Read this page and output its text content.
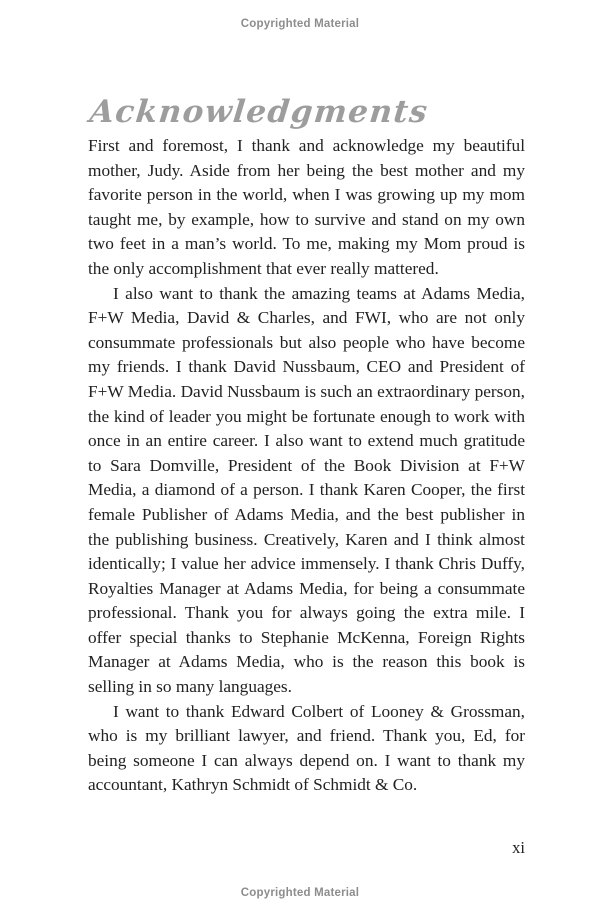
Copyrighted Material
Acknowledgments

First and foremost, I thank and acknowledge my beautiful mother, Judy. Aside from her being the best mother and my favorite person in the world, when I was growing up my mom taught me, by example, how to survive and stand on my own two feet in a man’s world. To me, making my Mom proud is the only accomplishment that ever really mattered.

I also want to thank the amazing teams at Adams Media, F+W Media, David & Charles, and FWI, who are not only consummate professionals but also people who have become my friends. I thank David Nussbaum, CEO and President of F+W Media. David Nussbaum is such an extraordinary person, the kind of leader you might be fortunate enough to work with once in an entire career. I also want to extend much gratitude to Sara Domville, President of the Book Division at F+W Media, a diamond of a person. I thank Karen Cooper, the first female Publisher of Adams Media, and the best publisher in the publishing business. Creatively, Karen and I think almost identically; I value her advice immensely. I thank Chris Duffy, Royalties Manager at Adams Media, for being a consummate professional. Thank you for always going the extra mile. I offer special thanks to Stephanie McKenna, Foreign Rights Manager at Adams Media, who is the reason this book is selling in so many languages.

I want to thank Edward Colbert of Looney & Grossman, who is my brilliant lawyer, and friend. Thank you, Ed, for being someone I can always depend on. I want to thank my accountant, Kathryn Schmidt of Schmidt & Co.

xi
Copyrighted Material
